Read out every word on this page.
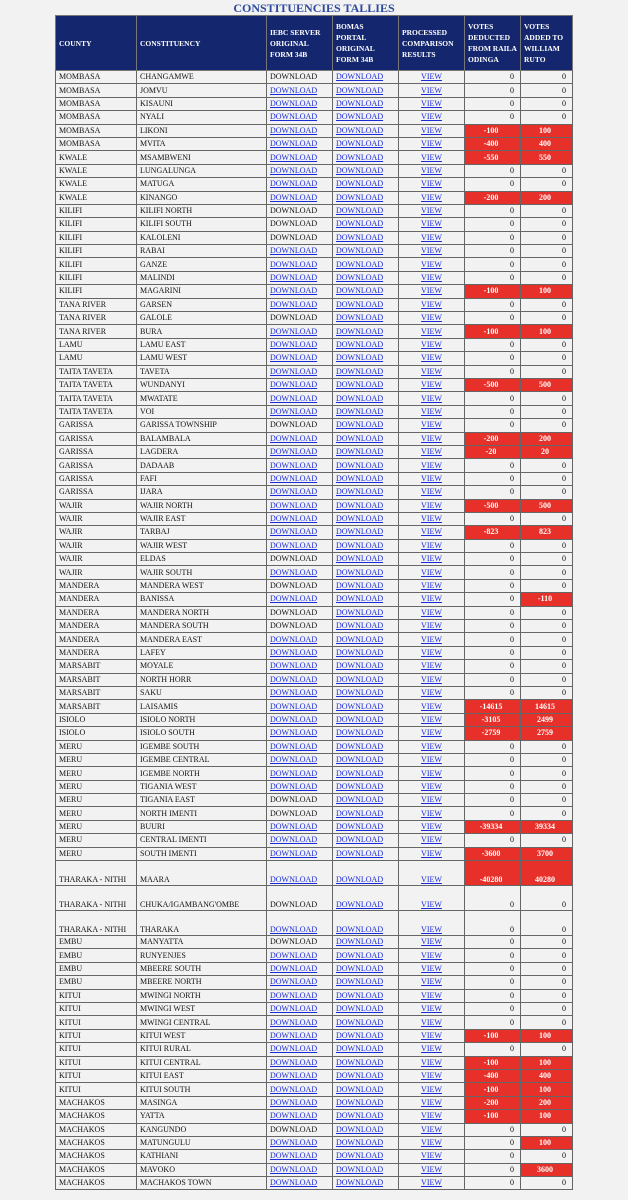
CONSTITUENCIES TALLIES
COUNTY	CONSTITUENCY	IEBC SERVER ORIGINAL FORM 34B	BOMAS PORTAL ORIGINAL FORM 34B	PROCESSED COMPARISON RESULTS	VOTES DEDUCTED FROM RAILA ODINGA	VOTES ADDED TO WILLIAM RUTO
MOMBASA	CHANGAMWE	DOWNLOAD	DOWNLOAD	VIEW	0	0
MOMBASA	JOMVU	DOWNLOAD	DOWNLOAD	VIEW	0	0
MOMBASA	KISAUNI	DOWNLOAD	DOWNLOAD	VIEW	0	0
MOMBASA	NYALI	DOWNLOAD	DOWNLOAD	VIEW	0	0
MOMBASA	LIKONI	DOWNLOAD	DOWNLOAD	VIEW	-100	100
MOMBASA	MVITA	DOWNLOAD	DOWNLOAD	VIEW	-400	400
KWALE	MSAMBWENI	DOWNLOAD	DOWNLOAD	VIEW	-550	550
KWALE	LUNGALUNGA	DOWNLOAD	DOWNLOAD	VIEW	0	0
KWALE	MATUGA	DOWNLOAD	DOWNLOAD	VIEW	0	0
KWALE	KINANGO	DOWNLOAD	DOWNLOAD	VIEW	-200	200
KILIFI	KILIFI NORTH	DOWNLOAD	DOWNLOAD	VIEW	0	0
KILIFI	KILIFI SOUTH	DOWNLOAD	DOWNLOAD	VIEW	0	0
KILIFI	KALOLENI	DOWNLOAD	DOWNLOAD	VIEW	0	0
KILIFI	RABAI	DOWNLOAD	DOWNLOAD	VIEW	0	0
KILIFI	GANZE	DOWNLOAD	DOWNLOAD	VIEW	0	0
KILIFI	MALINDI	DOWNLOAD	DOWNLOAD	VIEW	0	0
KILIFI	MAGARINI	DOWNLOAD	DOWNLOAD	VIEW	-100	100
TANA RIVER	GARSEN	DOWNLOAD	DOWNLOAD	VIEW	0	0
TANA RIVER	GALOLE	DOWNLOAD	DOWNLOAD	VIEW	0	0
TANA RIVER	BURA	DOWNLOAD	DOWNLOAD	VIEW	-100	100
LAMU	LAMU EAST	DOWNLOAD	DOWNLOAD	VIEW	0	0
LAMU	LAMU WEST	DOWNLOAD	DOWNLOAD	VIEW	0	0
TAITA TAVETA	TAVETA	DOWNLOAD	DOWNLOAD	VIEW	0	0
TAITA TAVETA	WUNDANYI	DOWNLOAD	DOWNLOAD	VIEW	-500	500
TAITA TAVETA	MWATATE	DOWNLOAD	DOWNLOAD	VIEW	0	0
TAITA TAVETA	VOI	DOWNLOAD	DOWNLOAD	VIEW	0	0
GARISSA	GARISSA TOWNSHIP	DOWNLOAD	DOWNLOAD	VIEW	0	0
GARISSA	BALAMBALA	DOWNLOAD	DOWNLOAD	VIEW	-200	200
GARISSA	LAGDERA	DOWNLOAD	DOWNLOAD	VIEW	-20	20
GARISSA	DADAAB	DOWNLOAD	DOWNLOAD	VIEW	0	0
GARISSA	FAFI	DOWNLOAD	DOWNLOAD	VIEW	0	0
GARISSA	IJARA	DOWNLOAD	DOWNLOAD	VIEW	0	0
WAJIR	WAJIR NORTH	DOWNLOAD	DOWNLOAD	VIEW	-500	500
WAJIR	WAJIR EAST	DOWNLOAD	DOWNLOAD	VIEW	0	0
WAJIR	TARBAJ	DOWNLOAD	DOWNLOAD	VIEW	-823	823
WAJIR	WAJIR WEST	DOWNLOAD	DOWNLOAD	VIEW	0	0
WAJIR	ELDAS	DOWNLOAD	DOWNLOAD	VIEW	0	0
WAJIR	WAJIR SOUTH	DOWNLOAD	DOWNLOAD	VIEW	0	0
MANDERA	MANDERA WEST	DOWNLOAD	DOWNLOAD	VIEW	0	0
MANDERA	BANISSA	DOWNLOAD	DOWNLOAD	VIEW	0	-110
MANDERA	MANDERA NORTH	DOWNLOAD	DOWNLOAD	VIEW	0	0
MANDERA	MANDERA SOUTH	DOWNLOAD	DOWNLOAD	VIEW	0	0
MANDERA	MANDERA EAST	DOWNLOAD	DOWNLOAD	VIEW	0	0
MANDERA	LAFEY	DOWNLOAD	DOWNLOAD	VIEW	0	0
MARSABIT	MOYALE	DOWNLOAD	DOWNLOAD	VIEW	0	0
MARSABIT	NORTH HORR	DOWNLOAD	DOWNLOAD	VIEW	0	0
MARSABIT	SAKU	DOWNLOAD	DOWNLOAD	VIEW	0	0
MARSABIT	LAISAMIS	DOWNLOAD	DOWNLOAD	VIEW	-14615	14615
ISIOLO	ISIOLO NORTH	DOWNLOAD	DOWNLOAD	VIEW	-3105	2499
ISIOLO	ISIOLO SOUTH	DOWNLOAD	DOWNLOAD	VIEW	-2759	2759
MERU	IGEMBE SOUTH	DOWNLOAD	DOWNLOAD	VIEW	0	0
MERU	IGEMBE CENTRAL	DOWNLOAD	DOWNLOAD	VIEW	0	0
MERU	IGEMBE NORTH	DOWNLOAD	DOWNLOAD	VIEW	0	0
MERU	TIGANIA WEST	DOWNLOAD	DOWNLOAD	VIEW	0	0
MERU	TIGANIA EAST	DOWNLOAD	DOWNLOAD	VIEW	0	0
MERU	NORTH IMENTI	DOWNLOAD	DOWNLOAD	VIEW	0	0
MERU	BUURI	DOWNLOAD	DOWNLOAD	VIEW	-39334	39334
MERU	CENTRAL IMENTI	DOWNLOAD	DOWNLOAD	VIEW	0	0
MERU	SOUTH IMENTI	DOWNLOAD	DOWNLOAD	VIEW	-3600	3700
THARAKA - NITHI	MAARA	DOWNLOAD	DOWNLOAD	VIEW	-40280	40280
THARAKA - NITHI	CHUKA/IGAMBANG'OMBE	DOWNLOAD	DOWNLOAD	VIEW	0	0
THARAKA - NITHI	THARAKA	DOWNLOAD	DOWNLOAD	VIEW	0	0
EMBU	MANYATTA	DOWNLOAD	DOWNLOAD	VIEW	0	0
EMBU	RUNYENJES	DOWNLOAD	DOWNLOAD	VIEW	0	0
EMBU	MBEERE SOUTH	DOWNLOAD	DOWNLOAD	VIEW	0	0
EMBU	MBEERE NORTH	DOWNLOAD	DOWNLOAD	VIEW	0	0
KITUI	MWINGI NORTH	DOWNLOAD	DOWNLOAD	VIEW	0	0
KITUI	MWINGI WEST	DOWNLOAD	DOWNLOAD	VIEW	0	0
KITUI	MWINGI CENTRAL	DOWNLOAD	DOWNLOAD	VIEW	0	0
KITUI	KITUI WEST	DOWNLOAD	DOWNLOAD	VIEW	-100	100
KITUI	KITUI RURAL	DOWNLOAD	DOWNLOAD	VIEW	0	0
KITUI	KITUI CENTRAL	DOWNLOAD	DOWNLOAD	VIEW	-100	100
KITUI	KITUI EAST	DOWNLOAD	DOWNLOAD	VIEW	-400	400
KITUI	KITUI SOUTH	DOWNLOAD	DOWNLOAD	VIEW	-100	100
MACHAKOS	MASINGA	DOWNLOAD	DOWNLOAD	VIEW	-200	200
MACHAKOS	YATTA	DOWNLOAD	DOWNLOAD	VIEW	-100	100
MACHAKOS	KANGUNDO	DOWNLOAD	DOWNLOAD	VIEW	0	0
MACHAKOS	MATUNGULU	DOWNLOAD	DOWNLOAD	VIEW	0	100
MACHAKOS	KATHIANI	DOWNLOAD	DOWNLOAD	VIEW	0	0
MACHAKOS	MAVOKO	DOWNLOAD	DOWNLOAD	VIEW	0	3600
MACHAKOS	MACHAKOS TOWN	DOWNLOAD	DOWNLOAD	VIEW	0	0
